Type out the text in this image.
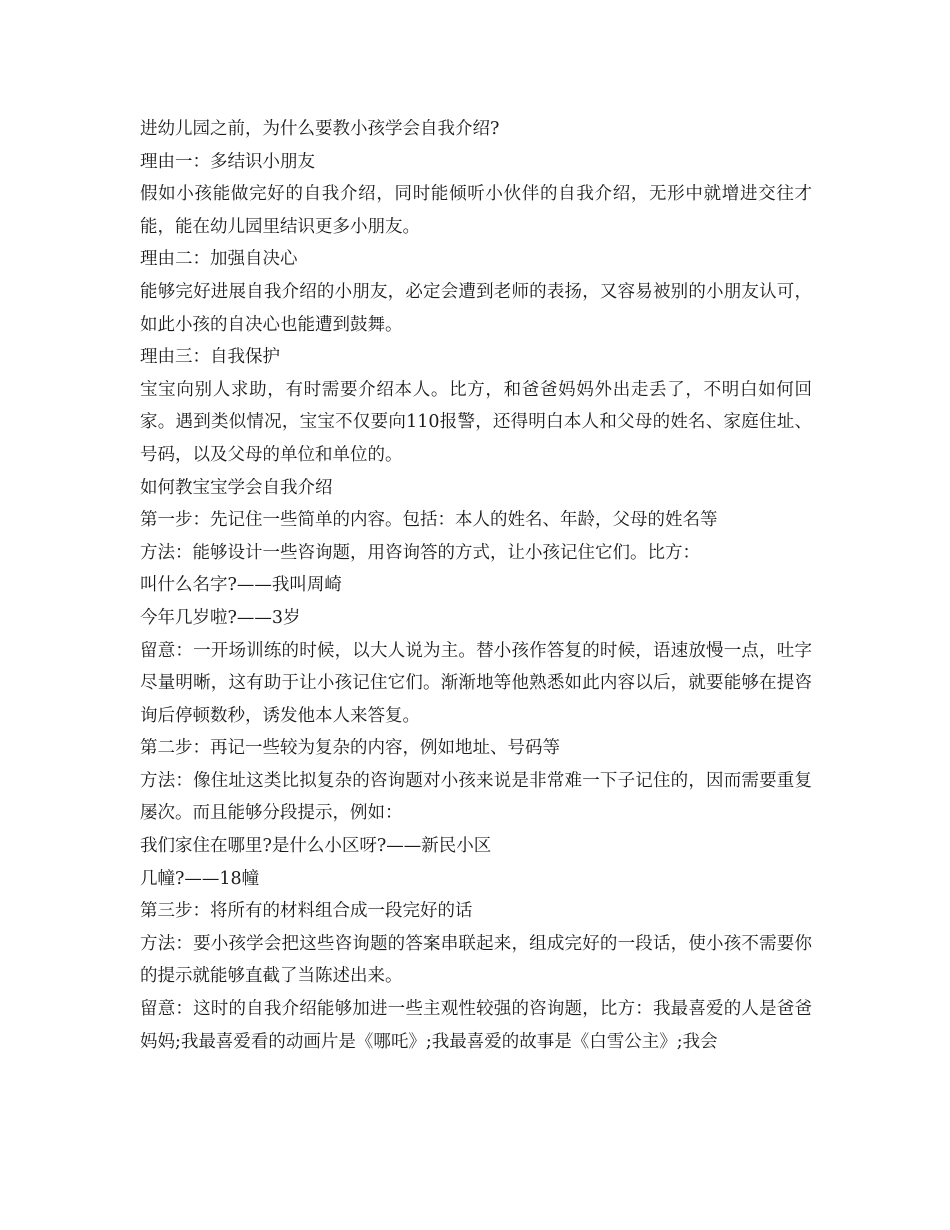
进幼儿园之前，为什么要教小孩学会自我介绍?

理由一：多结识小朋友

假如小孩能做完好的自我介绍，同时能倾听小伙伴的自我介绍，无形中就增进交往才能，能在幼儿园里结识更多小朋友。

理由二：加强自决心

能够完好进展自我介绍的小朋友，必定会遭到老师的表扬，又容易被别的小朋友认可，如此小孩的自决心也能遭到鼓舞。

理由三：自我保护

宝宝向别人求助，有时需要介绍本人。比方，和爸爸妈妈外出走丢了，不明白如何回家。遇到类似情况，宝宝不仅要向110报警，还得明白本人和父母的姓名、家庭住址、号码，以及父母的单位和单位的。

如何教宝宝学会自我介绍

第一步：先记住一些简单的内容。包括：本人的姓名、年龄，父母的姓名等

方法：能够设计一些咨询题，用咨询答的方式，让小孩记住它们。比方：

叫什么名字?——我叫周崎

今年几岁啦?——3岁

留意：一开场训练的时候，以大人说为主。替小孩作答复的时候，语速放慢一点，吐字尽量明晰，这有助于让小孩记住它们。渐渐地等他熟悉如此内容以后，就要能够在提咨询后停顿数秒，诱发他本人来答复。

第二步：再记一些较为复杂的内容，例如地址、号码等

方法：像住址这类比拟复杂的咨询题对小孩来说是非常难一下子记住的，因而需要重复屡次。而且能够分段提示，例如：

我们家住在哪里?是什么小区呀?——新民小区

几幢?——18幢

第三步：将所有的材料组合成一段完好的话

方法：要小孩学会把这些咨询题的答案串联起来，组成完好的一段话，使小孩不需要你的提示就能够直截了当陈述出来。

留意：这时的自我介绍能够加进一些主观性较强的咨询题，比方：我最喜爱的人是爸爸妈妈;我最喜爱看的动画片是《哪吒》;我最喜爱的故事是《白雪公主》;我会
